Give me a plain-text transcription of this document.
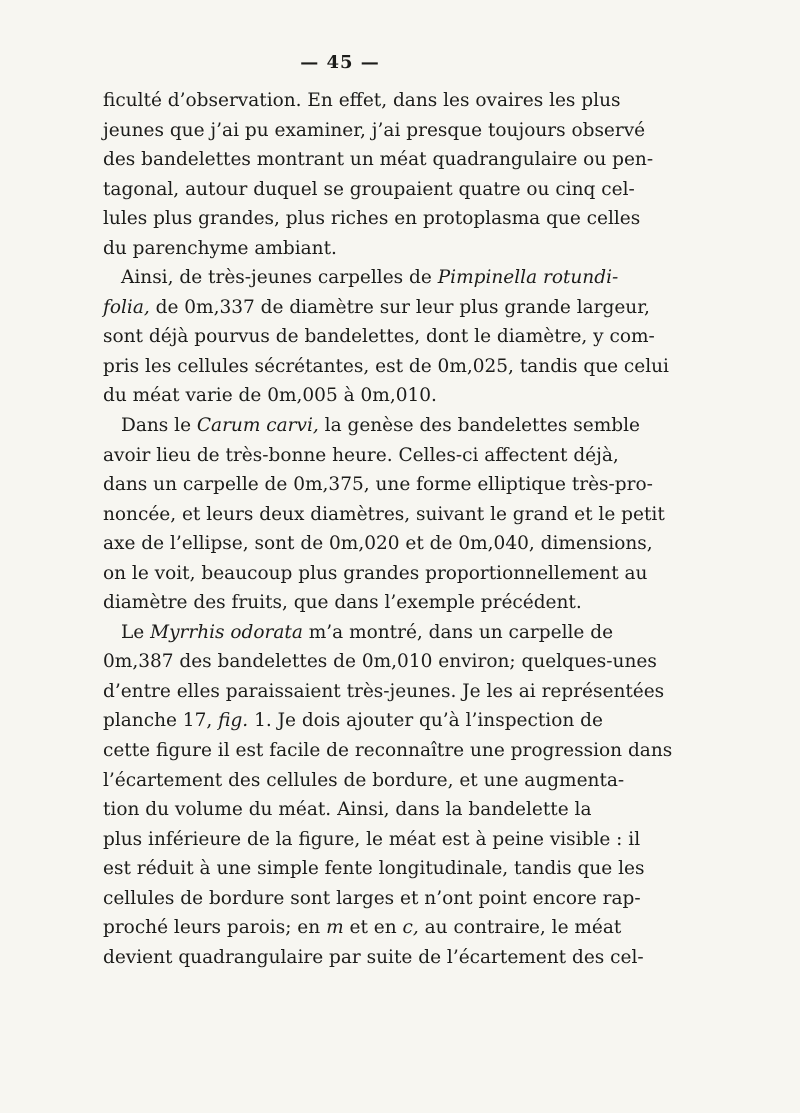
— 45 —
ficulté d’observation. En effet, dans les ovaires les plus
jeunes que j’ai pu examiner, j’ai presque toujours observé
des bandelettes montrant un méat quadrangulaire ou pen-
tagonal, autour duquel se groupaient quatre ou cinq cel-
lules plus grandes, plus riches en protoplasma que celles
du parenchyme ambiant.
Ainsi, de très-jeunes carpelles de Pimpinella rotundi-
folia, de 0m,337 de diamètre sur leur plus grande largeur,
sont déjà pourvus de bandelettes, dont le diamètre, y com-
pris les cellules sécrétantes, est de 0m,025, tandis que celui
du méat varie de 0m,005 à 0m,010.
Dans le Carum carvi, la genèse des bandelettes semble
avoir lieu de très-bonne heure. Celles-ci affectent déjà,
dans un carpelle de 0m,375, une forme elliptique très-pro-
noncée, et leurs deux diamètres, suivant le grand et le petit
axe de l’ellipse, sont de 0m,020 et de 0m,040, dimensions,
on le voit, beaucoup plus grandes proportionnellement au
diamètre des fruits, que dans l’exemple précédent.
Le Myrrhis odorata m’a montré, dans un carpelle de
0m,387 des bandelettes de 0m,010 environ; quelques-unes
d’entre elles paraissaient très-jeunes. Je les ai représentées
planche 17, fig. 1. Je dois ajouter qu’à l’inspection de
cette figure il est facile de reconnaître une progression dans
l’écartement des cellules de bordure, et une augmenta-
tion du volume du méat. Ainsi, dans la bandelette la
plus inférieure de la figure, le méat est à peine visible : il
est réduit à une simple fente longitudinale, tandis que les
cellules de bordure sont larges et n’ont point encore rap-
proché leurs parois; en m et en c, au contraire, le méat
devient quadrangulaire par suite de l’écartement des cel-
